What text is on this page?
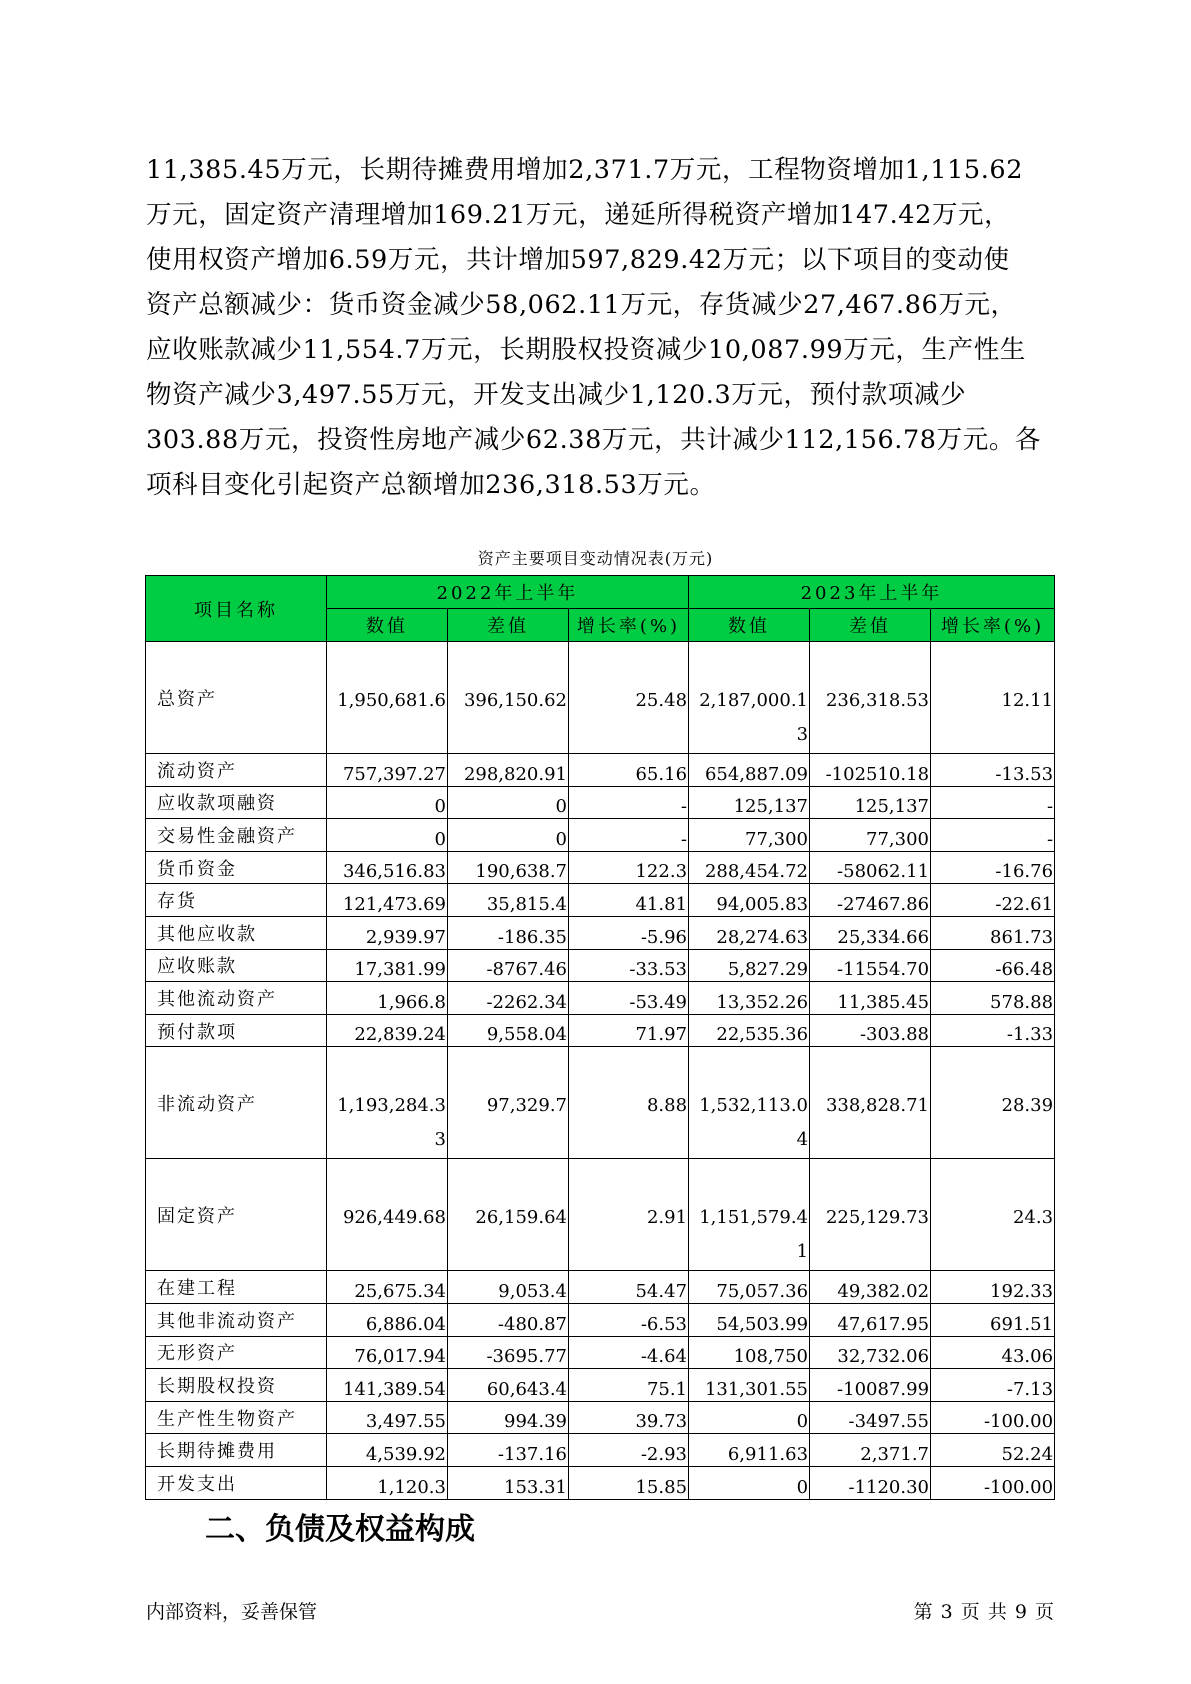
11,385.45万元，长期待摊费用增加2,371.7万元，工程物资增加1,115.62
万元，固定资产清理增加169.21万元，递延所得税资产增加147.42万元，
使用权资产增加6.59万元，共计增加597,829.42万元；以下项目的变动使
资产总额减少：货币资金减少58,062.11万元，存货减少27,467.86万元，
应收账款减少11,554.7万元，长期股权投资减少10,087.99万元，生产性生
物资产减少3,497.55万元，开发支出减少1,120.3万元，预付款项减少
303.88万元，投资性房地产减少62.38万元，共计减少112,156.78万元。各
项科目变化引起资产总额增加236,318.53万元。

资产主要项目变动情况表(万元)
项目名称	2022年上半年			2023年上半年		
	数值	差值	增长率(%)	数值	差值	增长率(%)
总资产	1,950,681.6	396,150.62	25.48	2,187,000.13	236,318.53	12.11

流动资产	757,397.27	298,820.91	65.16	654,887.09	-102510.18	-13.53
应收款项融资	0	0	-	125,137	125,137	-
交易性金融资产	0	0	-	77,300	77,300	-
货币资金	346,516.83	190,638.7	122.3	288,454.72	-58062.11	-16.76
存货	121,473.69	35,815.4	41.81	94,005.83	-27467.86	-22.61
其他应收款	2,939.97	-186.35	-5.96	28,274.63	25,334.66	861.73
应收账款	17,381.99	-8767.46	-33.53	5,827.29	-11554.70	-66.48
其他流动资产	1,966.8	-2262.34	-53.49	13,352.26	11,385.45	578.88
预付款项	22,839.24	9,558.04	71.97	22,535.36	-303.88	-1.33
非流动资产	1,193,284.33	97,329.7	8.88	1,532,113.04	338,828.71	28.39

固定资产	926,449.68	26,159.64	2.91	1,151,579.41	225,129.73	24.3

在建工程	25,675.34	9,053.4	54.47	75,057.36	49,382.02	192.33
其他非流动资产	6,886.04	-480.87	-6.53	54,503.99	47,617.95	691.51
无形资产	76,017.94	-3695.77	-4.64	108,750	32,732.06	43.06
长期股权投资	141,389.54	60,643.4	75.1	131,301.55	-10087.99	-7.13
生产性生物资产	3,497.55	994.39	39.73	0	-3497.55	-100.00
长期待摊费用	4,539.92	-137.16	-2.93	6,911.63	2,371.7	52.24
开发支出	1,120.3	153.31	15.85	0	-1120.30	-100.00
二、负债及权益构成
内部资料，妥善保管	第 3 页 共 9 页
